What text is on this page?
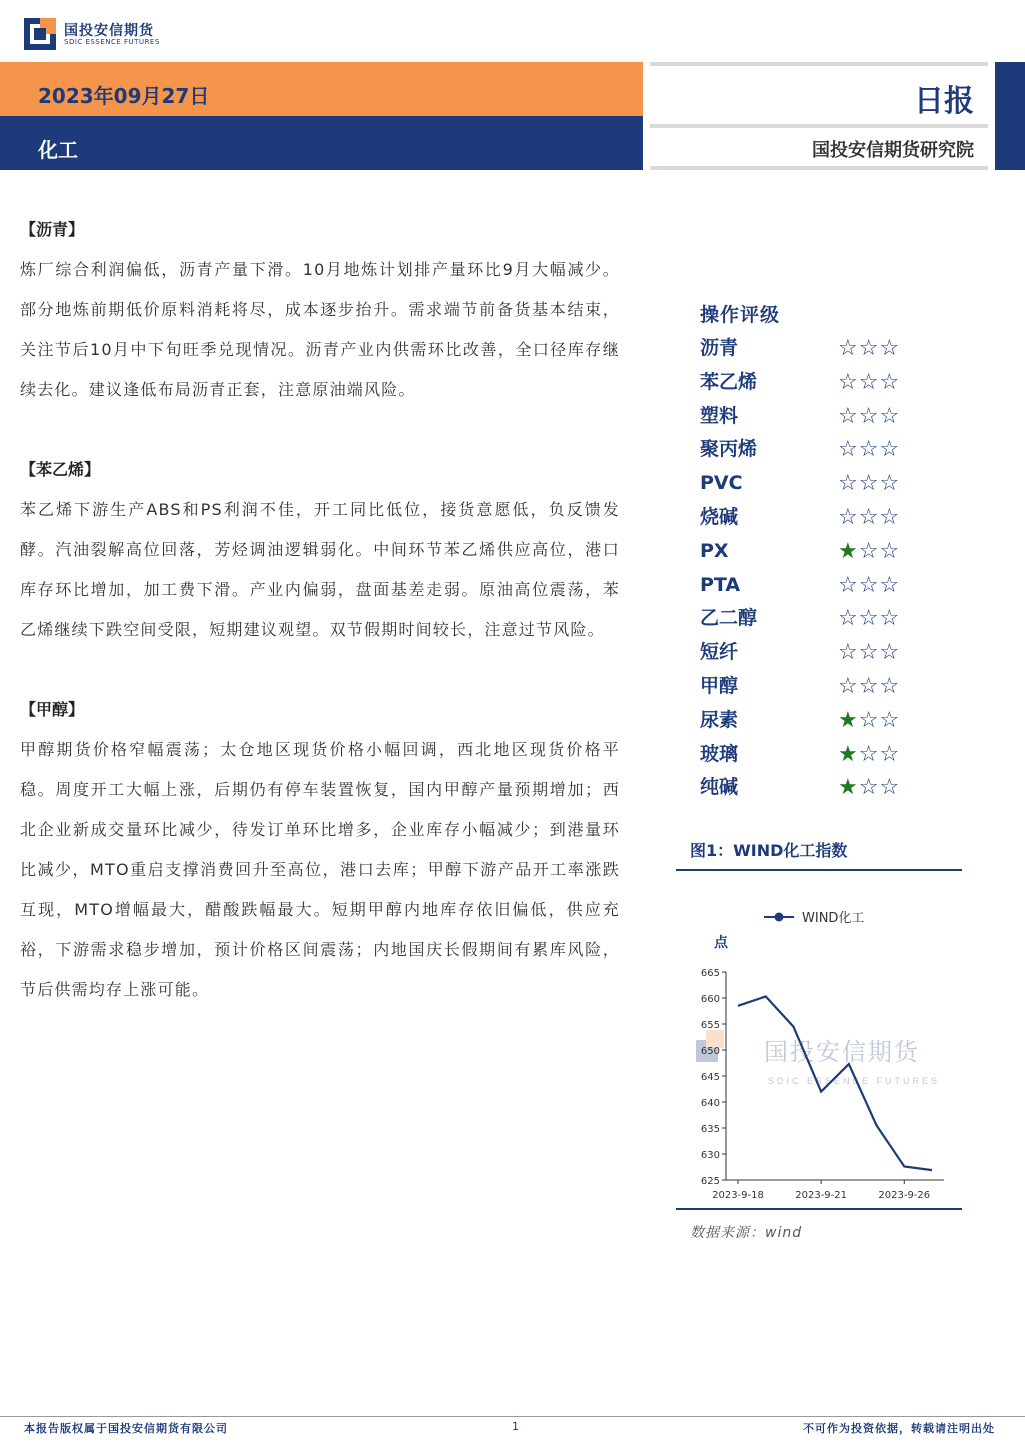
国投安信期货
SDIC ESSENCE FUTURES
2023年09月27日
化工
日报
国投安信期货研究院
【沥青】
炼厂综合利润偏低，沥青产量下滑。10月地炼计划排产量环比9月大幅减少。部分地炼前期低价原料消耗将尽，成本逐步抬升。需求端节前备货基本结束，关注节后10月中下旬旺季兑现情况。沥青产业内供需环比改善，全口径库存继续去化。建议逢低布局沥青正套，注意原油端风险。
【苯乙烯】
苯乙烯下游生产ABS和PS利润不佳，开工同比低位，接货意愿低，负反馈发酵。汽油裂解高位回落，芳烃调油逻辑弱化。中间环节苯乙烯供应高位，港口库存环比增加，加工费下滑。产业内偏弱，盘面基差走弱。原油高位震荡，苯乙烯继续下跌空间受限，短期建议观望。双节假期时间较长，注意过节风险。
【甲醇】
甲醇期货价格窄幅震荡；太仓地区现货价格小幅回调，西北地区现货价格平稳。周度开工大幅上涨，后期仍有停车装置恢复，国内甲醇产量预期增加；西北企业新成交量环比减少，待发订单环比增多，企业库存小幅减少；到港量环比减少，MTO重启支撑消费回升至高位，港口去库；甲醇下游产品开工率涨跌互现，MTO增幅最大，醋酸跌幅最大。短期甲醇内地库存依旧偏低，供应充裕，下游需求稳步增加，预计价格区间震荡；内地国庆长假期间有累库风险，节后供需均存上涨可能。
操作评级
沥青	☆☆☆
苯乙烯	☆☆☆
塑料	☆☆☆
聚丙烯	☆☆☆
PVC	☆☆☆
烧碱	☆☆☆
PX	★☆☆
PTA	☆☆☆
乙二醇	☆☆☆
短纤	☆☆☆
甲醇	☆☆☆
尿素	★☆☆
玻璃	★☆☆
纯碱	★☆☆
图1：WIND化工指数
国投安信期货
SDIC ESSENCE FUTURES
WIND化工
点
625
630
635
640
645
650
655
660
665
2023-9-18	2023-9-21	2023-9-26
数据来源：wind
本报告版权属于国投安信期货有限公司	1	不可作为投资依据，转载请注明出处
